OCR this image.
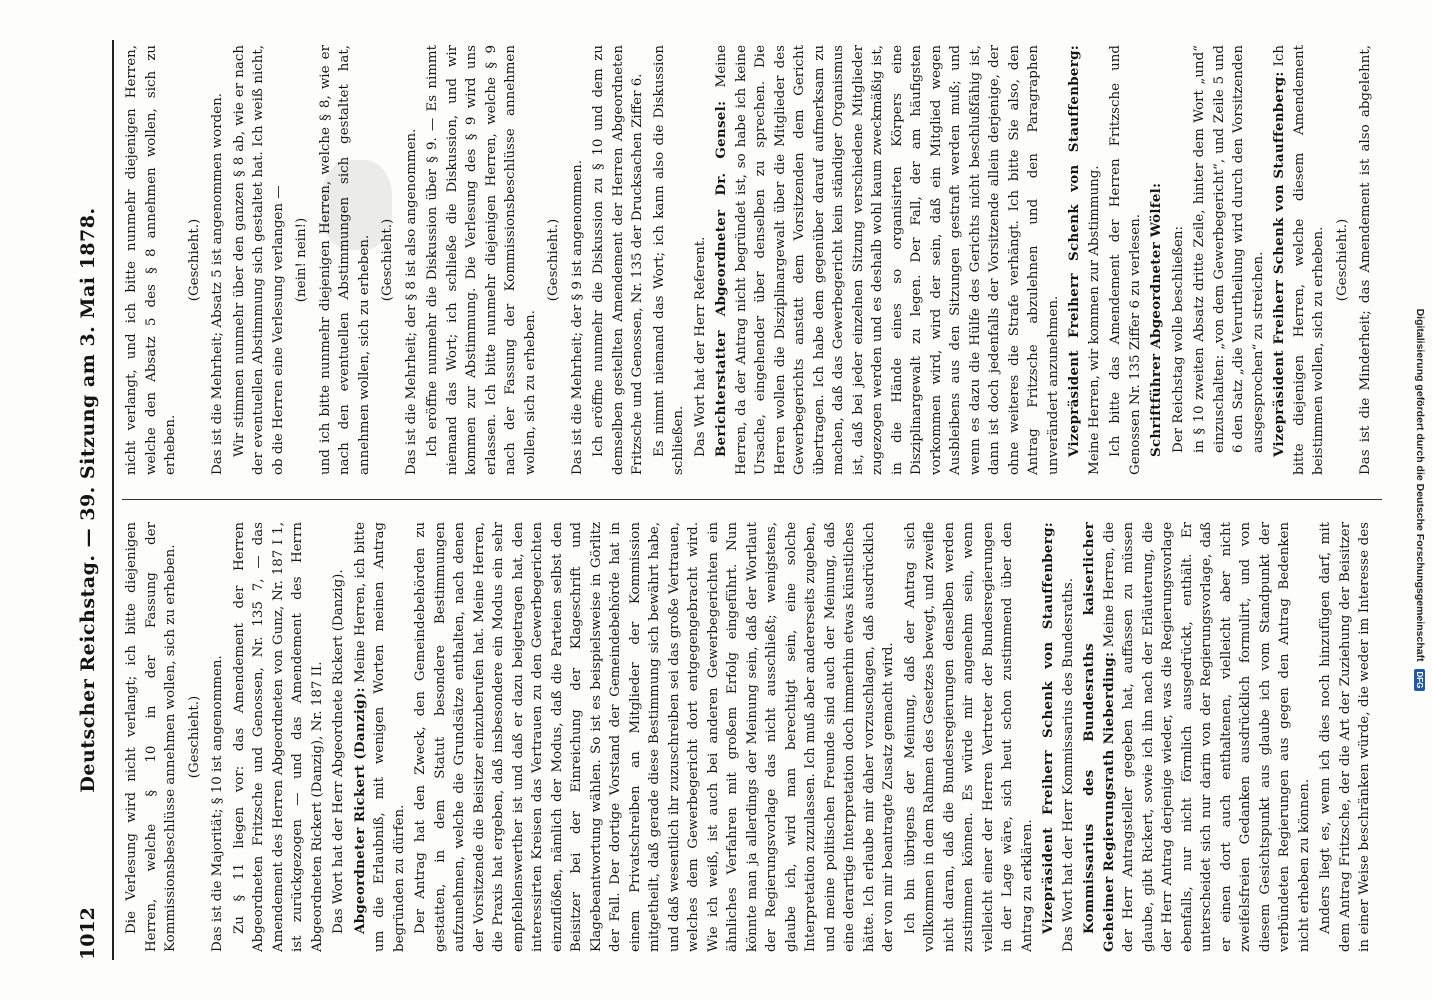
Digitalisierung gefördert durch die Deutsche Forschungsgemeinschaft DFG

nicht verlangt, und ich bitte nunmehr diejenigen Herren, welche den Absatz 5 des § 8 annehmen wollen, sich zu erheben.

(Geschieht.) Das ist die Mehrheit; Absatz 5 ist angenommen worden. Wir stimmen nunmehr über den ganzen § 8 ab, wie er nach der eventuellen Abstimmung sich gestaltet hat. Ich weiß nicht, ob die Herren eine Verlesung verlangen — (nein! nein!) und ich bitte nunmehr diejenigen Herren, welche § 8, wie er nach den eventuellen Abstimmungen sich gestaltet hat, annehmen wollen, sich zu erheben. (Geschieht.) Das ist die Mehrheit; der § 8 ist also angenommen. Ich eröffne nunmehr die Diskussion über § 9. — Es nimmt niemand das Wort; ich schließe die Diskussion, und wir kommen zur Abstimmung. Die Verlesung des § 9 wird uns erlassen. Ich bitte nunmehr diejenigen Herren, welche § 9 nach der Fassung der Kommissionsbeschlüsse annehmen wollen, sich zu erheben.

(Geschieht.) Das ist die Mehrheit; der § 9 ist angenommen. Ich eröffne nunmehr die Diskussion zu § 10 und dem zu demselben gestellten Amendement der Herren Abgeordneten Fritzsche und Genossen, Nr. 135 der Drucksachen Ziffer 6. Es nimmt niemand das Wort; ich kann also die Diskussion schließen. Das Wort hat der Herr Referent. Berichterstatter Abgeordneter Dr. Gensel: Meine Herren, da der Antrag nicht begründet ist, so habe ich keine Ursache, eingehender über denselben zu sprechen. Die Herren wollen die Disziplinargewalt über die Mitglieder des Gewerbegerichts anstatt dem Vorsitzenden dem Gericht übertragen. Ich habe dem gegenüber darauf aufmerksam zu machen, daß das Gewerbegericht kein ständiger Organismus ist, daß bei jeder einzelnen Sitzung verschiedene Mitglieder zugezogen werden und es deshalb wohl kaum zweckmäßig ist, in die Hände eines so organisirten Körpers eine Disziplinargewalt zu legen. Der Fall, der am häufigsten vorkommen wird, wird der sein, daß ein Mitglied wegen Ausbleibens aus den Sitzungen gestraft werden muß; und wenn es dazu die Hülfe des Gerichts nicht beschlußfähig ist, dann ist doch jedenfalls der Vorsitzende allein derjenige, der ohne weiteres die Strafe verhängt. Ich bitte Sie also, den Antrag Fritzsche abzulehnen und den Paragraphen unverändert anzunehmen. Vizepräsident Freiherr Schenk von Stauffenberg: Meine Herren, wir kommen zur Abstimmung. Ich bitte das Amendement der Herren Fritzsche und Genossen Nr. 135 Ziffer 6 zu verlesen. Schriftführer Abgeordneter Wölfel: Der Reichstag wolle beschließen: in § 10 zweiten Absatz dritte Zeile, hinter dem Wort „und“ einzuschalten: „von dem Gewerbegericht“, und Zeile 5 und 6 den Satz „die Verurtheilung wird durch den Vorsitzenden ausgesprochen“ zu streichen. Vizepräsident Freiherr Schenk von Stauffenberg: Ich bitte diejenigen Herren, welche diesem Amendement beistimmen wollen, sich zu erheben. (Geschieht.)

Das ist die Minderheit; das Amendement ist also abgelehnt,

Die Verlesung wird nicht verlangt; ich bitte diejenigen Herren, welche § 10 in der Fassung der Kommissionsbeschlüsse annehmen wollen, sich zu erheben. (Geschieht.) Das ist die Majorität; § 10 ist angenommen. Zu § 11 liegen vor: das Amendement der Herren Abgeordneten Fritzsche und Genossen, Nr. 135 7, — das Amendement des Herren Abgeordneten von Gunz, Nr. 187 I 1, ist zurückgezogen — und das Amendement des Herrn Abgeordneten Rickert (Danzig), Nr. 187 II. Das Wort hat der Herr Abgeordnete Rickert (Danzig). Abgeordneter Rickert (Danzig): Meine Herren, ich bitte um die Erlaubniß, mit wenigen Worten meinen Antrag begründen zu dürfen. Der Antrag hat den Zweck, den Gemeindebehörden zu gestatten, in dem Statut besondere Bestimmungen aufzunehmen, welche die Grundsätze enthalten, nach denen der Vorsitzende die Beisitzer einzuberufen hat. Meine Herren, die Praxis hat ergeben, daß insbesondere ein Modus ein sehr empfehlenswerther ist und daß er dazu beigetragen hat, den interessirten Kreisen das Vertrauen zu den Gewerbegerichten einzuflößen, nämlich der Modus, daß die Parteien selbst den Beisitzer bei der Einreichung der Klageschrift und Klagebeantwortung wählen. So ist es beispielsweise in Görlitz der Fall. Der dortige Vorstand der Gemeindebehörde hat in einem Privatschreiben an Mitglieder der Kommission mitgetheilt, daß gerade diese Bestimmung sich bewährt habe, und daß wesentlich ihr zuzuschreiben sei das große Vertrauen, welches dem Gewerbegericht dort entgegengebracht wird. Wie ich weiß, ist auch bei anderen Gewerbegerichten ein ähnliches Verfahren mit großem Erfolg eingeführt. Nun könnte man ja allerdings der Meinung sein, daß der Wortlaut der Regierungsvorlage das nicht ausschließt; wenigstens, glaube ich, wird man berechtigt sein, eine solche Interpretation zuzulassen. Ich muß aber andererseits zugeben, und meine politischen Freunde sind auch der Meinung, daß eine derartige Interpretation doch immerhin etwas künstliches hätte. Ich erlaube mir daher vorzuschlagen, daß ausdrücklich der von mir beantragte Zusatz gemacht wird. Ich bin übrigens der Meinung, daß der Antrag sich vollkommen in dem Rahmen des Gesetzes bewegt, und zweifle nicht daran, daß die Bundesregierungen denselben werden zustimmen können. Es würde mir angenehm sein, wenn vielleicht einer der Herren Vertreter der Bundesregierungen in der Lage wäre, sich heut schon zustimmend über den Antrag zu erklären. Vizepräsident Freiherr Schenk von Stauffenberg: Das Wort hat der Herr Kommissarius des Bundesraths. Kommissarius des Bundesraths kaiserlicher Geheimer Regierungsrath Nieberding: Meine Herren, die der Herr Antragsteller gegeben hat, auffassen zu müssen glaube, gibt Rickert, sowie ich ihn nach der Erläuterung, die der Herr Antrag derjenige wieder, was die Regierungsvorlage ebenfalls, nur nicht förmlich ausgedrückt, enthält. Er unterscheidet sich nur darin von der Regierungsvorlage, daß er einen dort auch enthaltenen, vielleicht aber nicht zweifelsfreien Gedanken ausdrücklich formulirt, und von diesem Gesichtspunkt aus glaube ich vom Standpunkt der verbündeten Regierungen aus gegen den Antrag Bedenken nicht erheben zu können. Anders liegt es, wenn ich dies noch hinzufügen darf, mit dem Antrag Fritzsche, der die Art der Zuziehung der Beisitzer in einer Weise beschränken würde, die weder im Interesse des

1012
Deutscher Reichstag. — 39. Sitzung am 3. Mai 1878.
